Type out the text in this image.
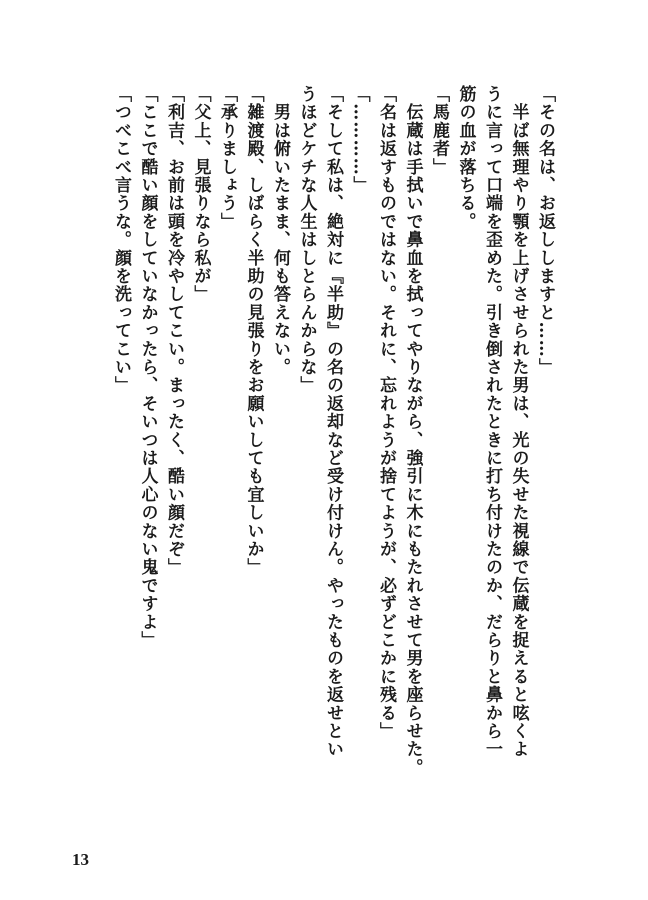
「その名は、お返ししますと……」
　半ば無理やり顎を上げさせられた男は、光の失せた視線で伝蔵を捉えると呟くよ
うに言って口端を歪めた。引き倒されたときに打ち付けたのか、だらりと鼻から一
筋の血が落ちる。
「馬鹿者」
　伝蔵は手拭いで鼻血を拭ってやりながら、強引に木にもたれさせて男を座らせた。
「名は返すものではない。それに、忘れようが捨てようが、必ずどこかに残る」
「…………」
「そして私は、絶対に『半助』の名の返却など受け付けん。やったものを返せとい
うほどケチな人生はしとらんからな」
　男は俯いたまま、何も答えない。
「雑渡殿、しばらく半助の見張りをお願いしても宜しいか」
「承りましょう」
「父上、見張りなら私が」
「利吉、お前は頭を冷やしてこい。まったく、酷い顔だぞ」
「ここで酷い顔をしていなかったら、そいつは人心のない鬼ですよ」
「つべこべ言うな。顔を洗ってこい」
13
